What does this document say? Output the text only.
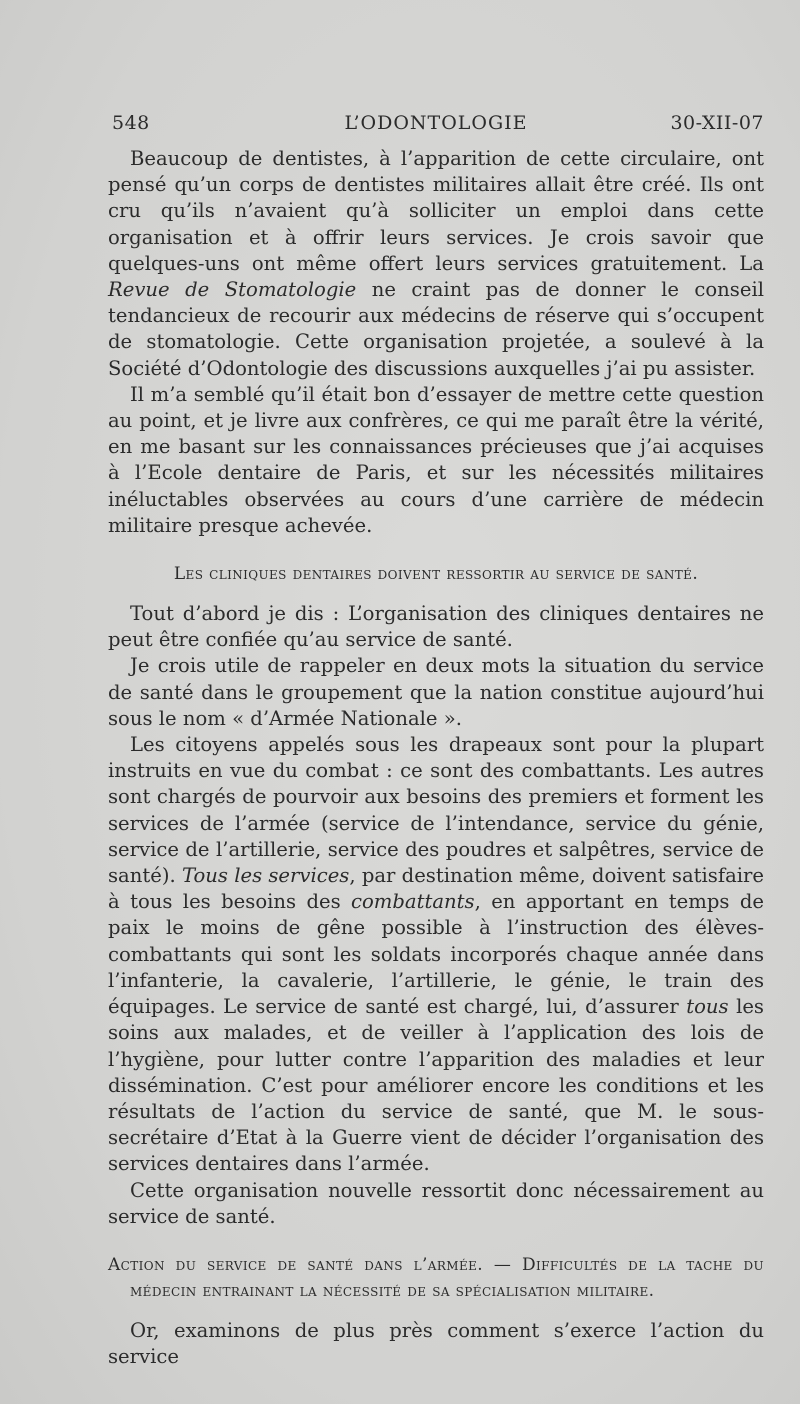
548	L’ODONTOLOGIE	30-XII-07

Beaucoup de dentistes, à l’apparition de cette circulaire, ont pensé qu’un corps de dentistes militaires allait être créé. Ils ont cru qu’ils n’avaient qu’à solliciter un emploi dans cette organisation et à offrir leurs services. Je crois savoir que quelques-uns ont même offert leurs services gratuitement. La Revue de Stomatologie ne craint pas de donner le conseil tendancieux de recourir aux médecins de réserve qui s’occupent de stomatologie. Cette organisation projetée, a soulevé à la Société d’Odontologie des discussions auxquelles j’ai pu assister.

Il m’a semblé qu’il était bon d’essayer de mettre cette question au point, et je livre aux confrères, ce qui me paraît être la vérité, en me basant sur les connaissances précieuses que j’ai acquises à l’Ecole dentaire de Paris, et sur les nécessités militaires inéluctables observées au cours d’une carrière de médecin militaire presque achevée.

Les cliniques dentaires doivent ressortir au service de santé.

Tout d’abord je dis : L’organisation des cliniques dentaires ne peut être confiée qu’au service de santé.

Je crois utile de rappeler en deux mots la situation du service de santé dans le groupement que la nation constitue aujourd’hui sous le nom « d’Armée Nationale ».

Les citoyens appelés sous les drapeaux sont pour la plupart instruits en vue du combat : ce sont des combattants. Les autres sont chargés de pourvoir aux besoins des premiers et forment les services de l’armée (service de l’intendance, service du génie, service de l’artillerie, service des poudres et salpêtres, service de santé). Tous les services, par destination même, doivent satisfaire à tous les besoins des combattants, en apportant en temps de paix le moins de gêne possible à l’instruction des élèves-combattants qui sont les soldats incorporés chaque année dans l’infanterie, la cavalerie, l’artillerie, le génie, le train des équipages. Le service de santé est chargé, lui, d’assurer tous les soins aux malades, et de veiller à l’application des lois de l’hygiène, pour lutter contre l’apparition des maladies et leur dissémination. C’est pour améliorer encore les conditions et les résultats de l’action du service de santé, que M. le sous-secrétaire d’Etat à la Guerre vient de décider l’organisation des services dentaires dans l’armée.

Cette organisation nouvelle ressortit donc nécessairement au service de santé.

Action du service de santé dans l’armée. — Difficultés de la tache du médecin entrainant la nécessité de sa spécialisation militaire.

Or, examinons de plus près comment s’exerce l’action du service
